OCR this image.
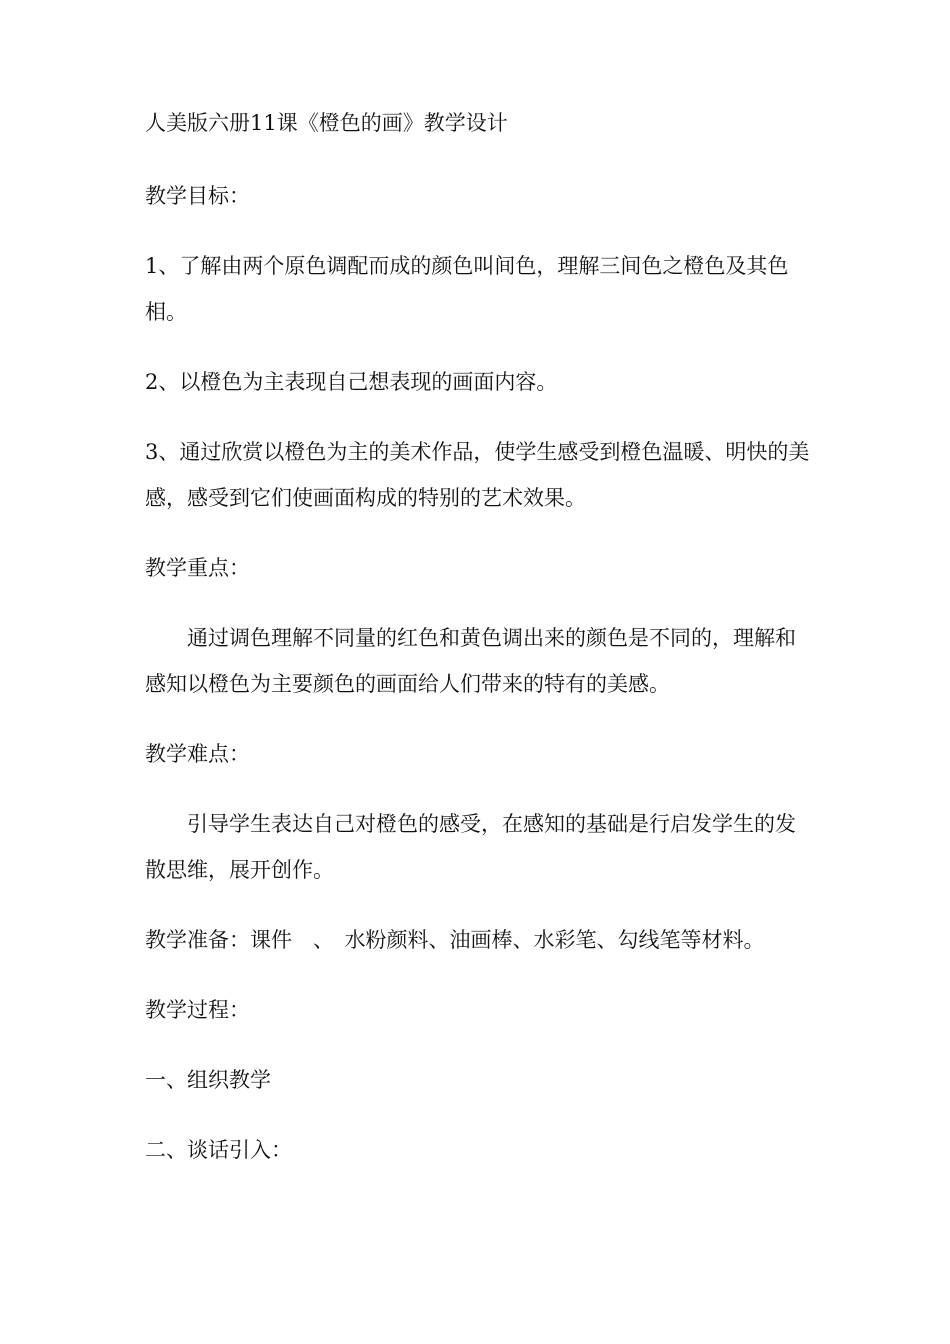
人美版六册11课《橙色的画》教学设计

教学目标：

1、了解由两个原色调配而成的颜色叫间色，理解三间色之橙色及其色相。

2、以橙色为主表现自己想表现的画面内容。

3、通过欣赏以橙色为主的美术作品，使学生感受到橙色温暖、明快的美感，感受到它们使画面构成的特别的艺术效果。

教学重点：

通过调色理解不同量的红色和黄色调出来的颜色是不同的，理解和感知以橙色为主要颜色的画面给人们带来的特有的美感。

教学难点：

引导学生表达自己对橙色的感受，在感知的基础是行启发学生的发散思维，展开创作。

教学准备：课件　、　水粉颜料、油画棒、水彩笔、勾线笔等材料。

教学过程：

一、组织教学

二、谈话引入：
